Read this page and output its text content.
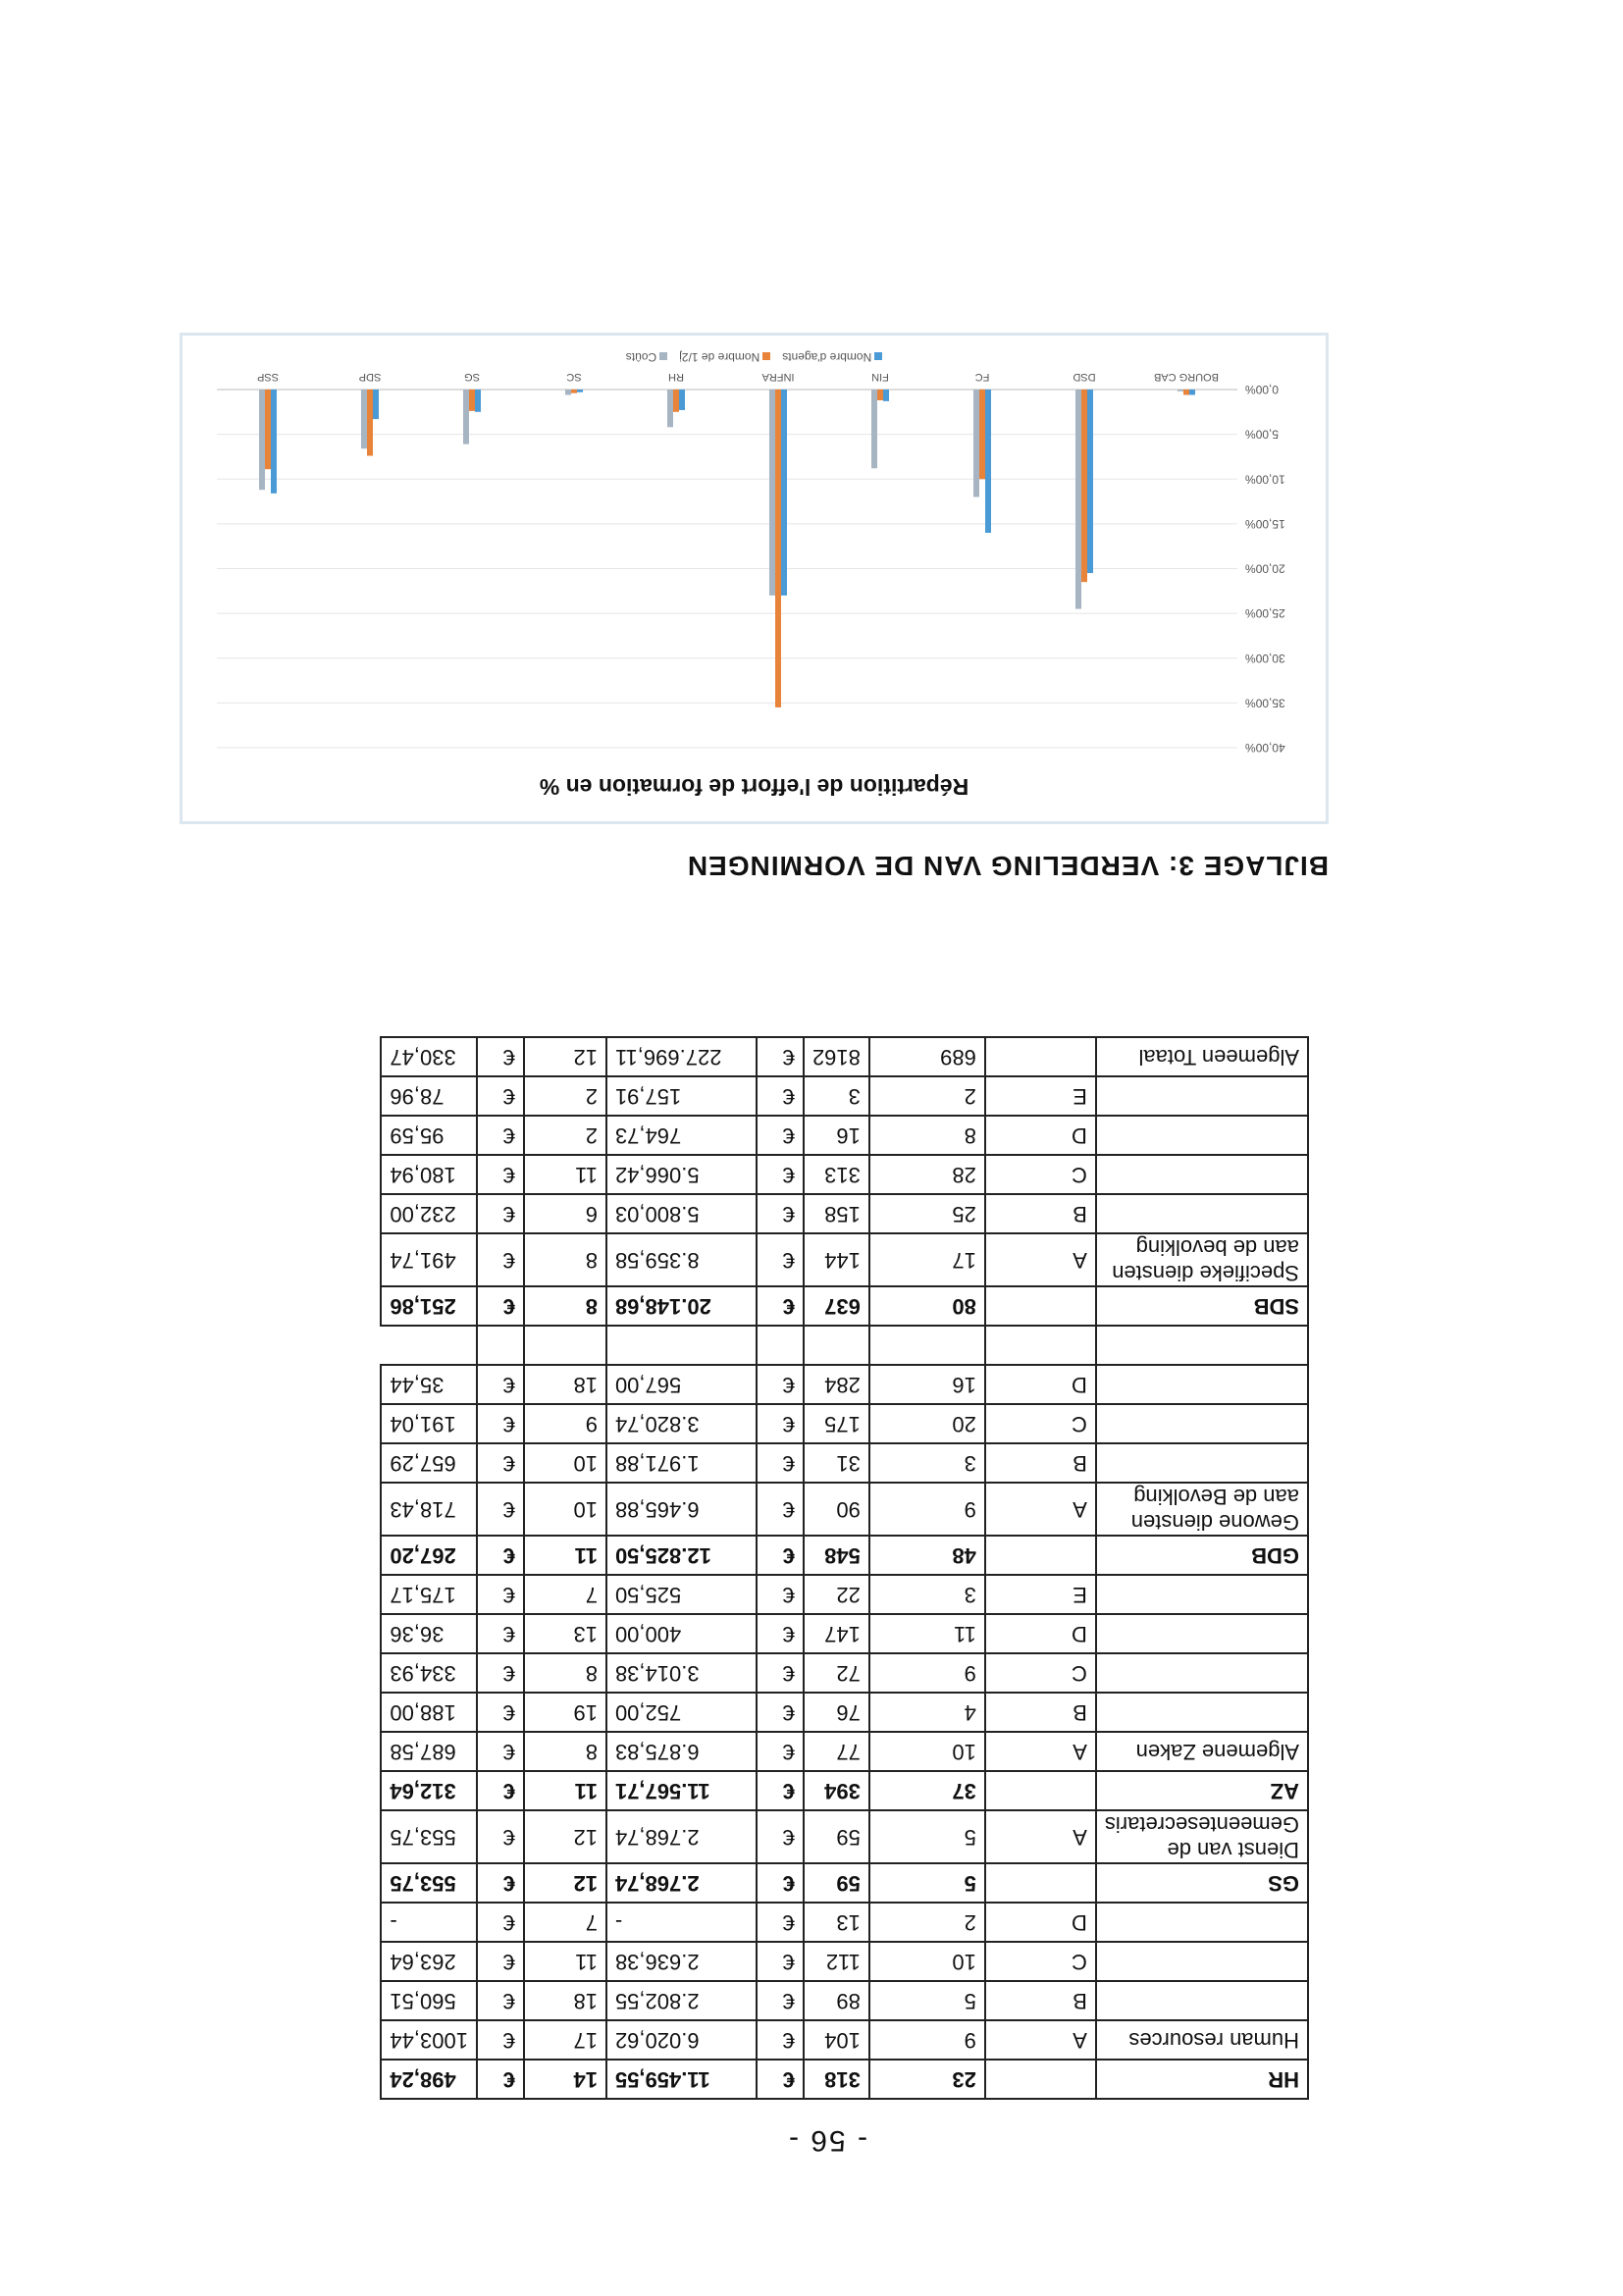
- 56 -
HR		23	318	€	11.459,55	14	€	498,24
Human resources	A	9	104	€	6.020,62	17	€	1003,44
	B	5	89	€	2.802,55	18	€	560,51
	C	10	112	€	2.636,38	11	€	263,64
	D	2	13	€	-	7	€	-
GS		5	59	€	2.768,74	12	€	553,75
Dienst van de Gemeentesecretaris	A	5	59	€	2.768,74	12	€	553,75
AZ		37	394	€	11.567,71	11	€	312,64
Algemene Zaken	A	10	77	€	6.875,83	8	€	687,58
	B	4	76	€	752,00	19	€	188,00
	C	9	72	€	3.014,38	8	€	334,93
	D	11	147	€	400,00	13	€	36,36
	E	3	22	€	525,50	7	€	175,17
GDB		48	548	€	12.825,50	11	€	267,20
Gewone diensten aan de Bevolking	A	9	90	€	6.465,88	10	€	718,43
	B	3	31	€	1.971,88	10	€	657,29
	C	20	175	€	3.820,74	9	€	191,04
	D	16	284	€	567,00	18	€	35,44

SDB		80	637	€	20.148,68	8	€	251,86
Specifieke diensten aan de bevolking	A	17	144	€	8.359,58	8	€	491,74
	B	25	158	€	5.800,03	6	€	232,00
	C	28	313	€	5.066,42	11	€	180,94
	D	8	16	€	764,73	2	€	95,59
	E	2	3	€	157,91	2	€	78,96
Algemeen Totaal		689	8162	€	227.696,11	12	€	330,47
BIJLAGE 3: VERDELING VAN DE VORMINGEN
Répartition de l'effort de formation en %
0,00%
5,00%
10,00%
15,00%
20,00%
25,00%
30,00%
35,00%
40,00%
BOURG CAB
DSD
FC
FIN
INFRA
RH
SC
SG
SDP
SSP
Nombre d'agentsNombre de 1/2jCoûts
